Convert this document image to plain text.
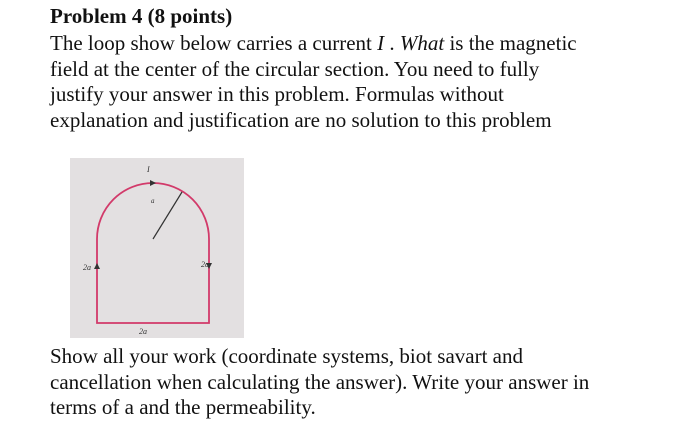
Problem 4 (8 points)
The loop show below carries a current I . What is the magnetic
field at the center of the circular section. You need to fully
justify your answer in this problem. Formulas without
explanation and justification are no solution to this problem
I
a
2a	2a
2a
Show all your work (coordinate systems, biot savart and
cancellation when calculating the answer). Write your answer in
terms of a and the permeability.
